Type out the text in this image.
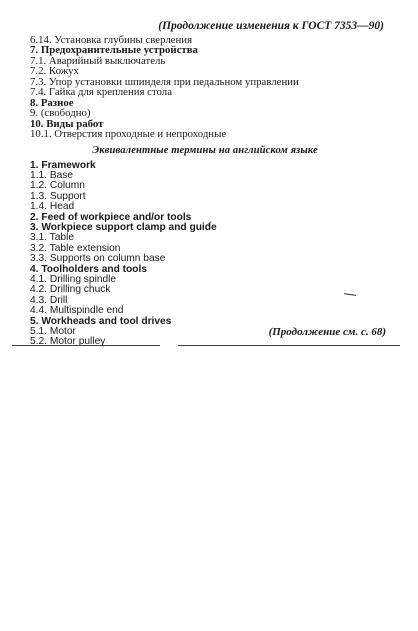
(Продолжение изменения к ГОСТ 7353—90)
6.14. Установка глубины сверления
7. Предохранительные устройства
7.1. Аварийный выключатель
7.2. Кожух
7.3. Упор установки шпинделя при педальном управлении
7.4. Гайка для крепления стола
8. Разное
9. (свободно)
10. Виды работ
10.1. Отверстия проходные и непроходные
Эквивалентные термины на английском языке
1. Framework
1.1. Base
1.2. Column
1.3. Support
1.4. Head
2. Feed of workpiece and/or tools
3. Workpiece support clamp and guide
3.1. Table
3.2. Table extension
3.3. Supports on column base
4. Toolholders and tools
4.1. Drilling spindle
4.2. Drilling chuck
4.3. Drill
4.4. Multispindle end
5. Workheads and tool drives
5.1. Motor
5.2. Motor pulley
(Продолжение см. с. 68)
